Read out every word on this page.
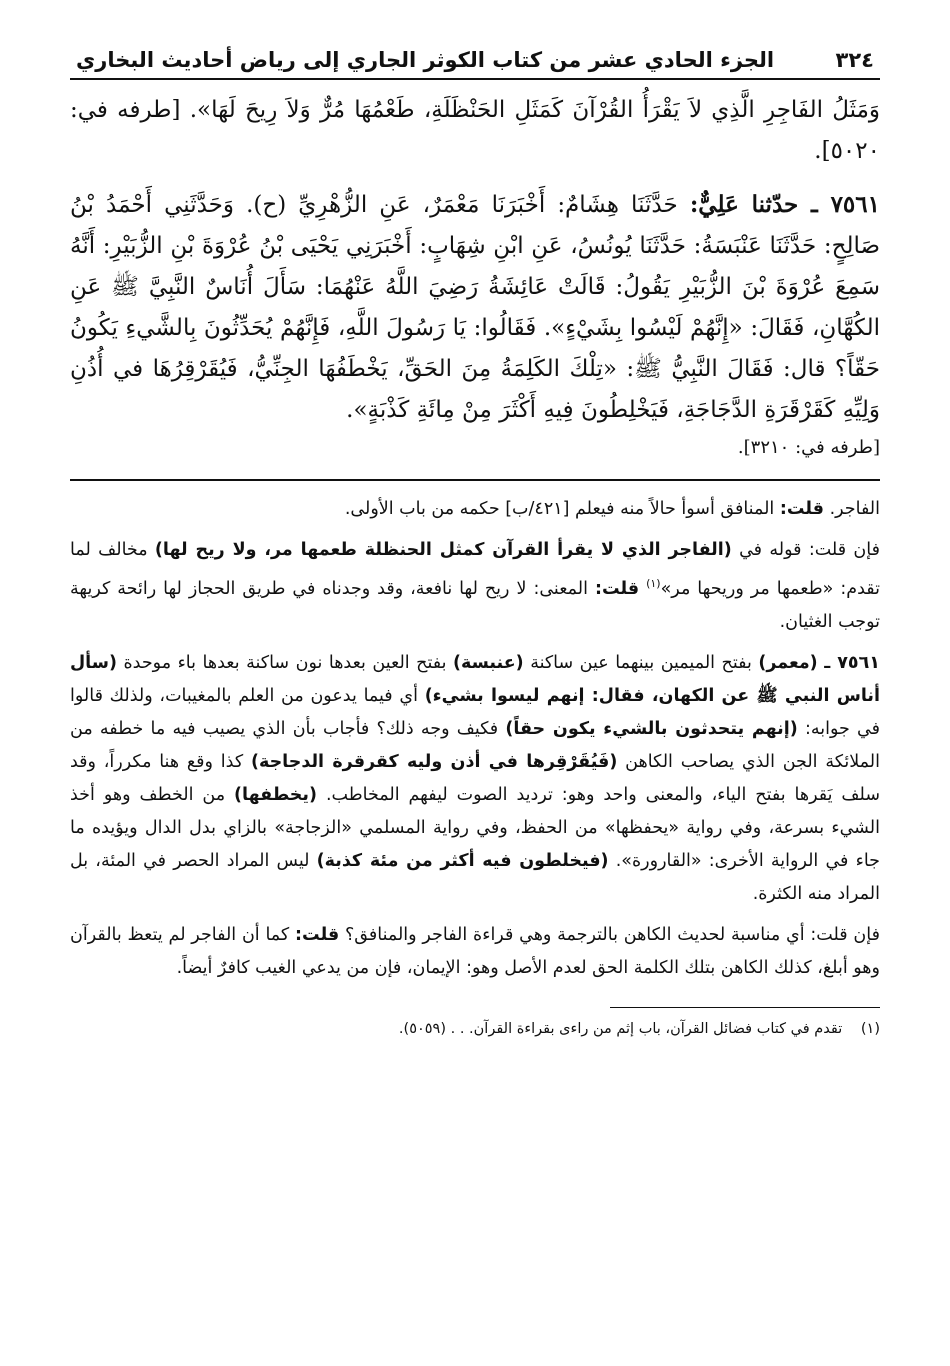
٣٢٤
الجزء الحادي عشر من كتاب الكوثر الجاري إلى رياض أحاديث البخاري

وَمَثَلُ الفَاجِرِ الَّذِي لاَ يَقْرَأُ القُرْآنَ كَمَثَلِ الحَنْظَلَةِ، طَعْمُهَا مُرٌّ وَلاَ رِيحَ لَهَا». [طرفه في: ٥٠٢٠].

٧٥٦١ ـ حدّثنا عَلِيٌّ: حَدَّثَنَا هِشَامٌ: أَخْبَرَنَا مَعْمَرٌ، عَنِ الزُّهْرِيِّ (ح). وَحَدَّثَنِي أَحْمَدُ بْنُ صَالِحٍ: حَدَّثَنَا عَنْبَسَةُ: حَدَّثَنَا يُونُسُ، عَنِ ابْنِ شِهَابٍ: أَخْبَرَنِي يَحْيَى بْنُ عُرْوَةَ بْنِ الزُّبَيْرِ: أَنَّهُ سَمِعَ عُرْوَةَ بْنَ الزُّبَيْرِ يَقُولُ: قَالَتْ عَائِشَةُ رَضِيَ اللَّهُ عَنْهُمَا: سَأَلَ أُنَاسٌ النَّبِيَّ ﷺ عَنِ الكُهَّانِ، فَقَالَ: «إِنَّهُمْ لَيْسُوا بِشَيْءٍ». فَقَالُوا: يَا رَسُولَ اللَّهِ، فَإِنَّهُمْ يُحَدِّثُونَ بِالشَّيءِ يَكُونُ حَقّاً؟ قال: فَقَالَ النَّبِيُّ ﷺ: «تِلْكَ الكَلِمَةُ مِنَ الحَقِّ، يَخْطَفُهَا الجِنِّيُّ، فَيُقَرْقِرُهَا في أُذُنِ وَلِيِّهِ كَقَرْقَرَةِ الدَّجَاجَةِ، فَيَخْلِطُونَ فِيهِ أَكْثَرَ مِنْ مِائَةِ كَذْبَةٍ».

[طرفه في: ٣٢١٠].

الفاجر. قلت: المنافق أسوأ حالاً منه فيعلم [٤٢١/ب] حكمه من باب الأولى.

فإن قلت: قوله في (الفاجر الذي لا يقرأ القرآن كمثل الحنظلة طعمها مر، ولا ريح لها) مخالف لما تقدم: «طعمها مر وريحها مر»$^{(١)}$ قلت: المعنى: لا ريح لها نافعة، وقد وجدناه في طريق الحجاز لها رائحة كريهة توجب الغثيان.

٧٥٦١ ـ (معمر) بفتح الميمين بينهما عين ساكنة (عنبسة) بفتح العين بعدها نون ساكنة بعدها باء موحدة (سأل أناس النبي ﷺ عن الكهان، فقال: إنهم ليسوا بشيء) أي فيما يدعون من العلم بالمغيبات، ولذلك قالوا في جوابه: (إنهم يتحدثون بالشيء يكون حقاً) فكيف وجه ذلك؟ فأجاب بأن الذي يصيب فيه ما خطفه من الملائكة الجن الذي يصاحب الكاهن (فَيُقَرْقِرها في أذن وليه كقرقرة الدجاجة) كذا وقع هنا مكرراً، وقد سلف يَقرها بفتح الياء، والمعنى واحد وهو: ترديد الصوت ليفهم المخاطب. (يخطفها) من الخطف وهو أخذ الشيء بسرعة، وفي رواية «يحفظها» من الحفظ، وفي رواية المسلمي «الزجاجة» بالزاي بدل الدال ويؤيده ما جاء في الرواية الأخرى: «القارورة». (فيخلطون فيه أكثر من مئة كذبة) ليس المراد الحصر في المئة، بل المراد منه الكثرة.

فإن قلت: أي مناسبة لحديث الكاهن بالترجمة وهي قراءة الفاجر والمنافق؟ قلت: كما أن الفاجر لم يتعظ بالقرآن وهو أبلغ، كذلك الكاهن بتلك الكلمة الحق لعدم الأصل وهو: الإيمان، فإن من يدعي الغيب كافرٌ أيضاً.

(١) تقدم في كتاب فضائل القرآن، باب إثم من راءى بقراءة القرآن. . . (٥٠٥٩).
